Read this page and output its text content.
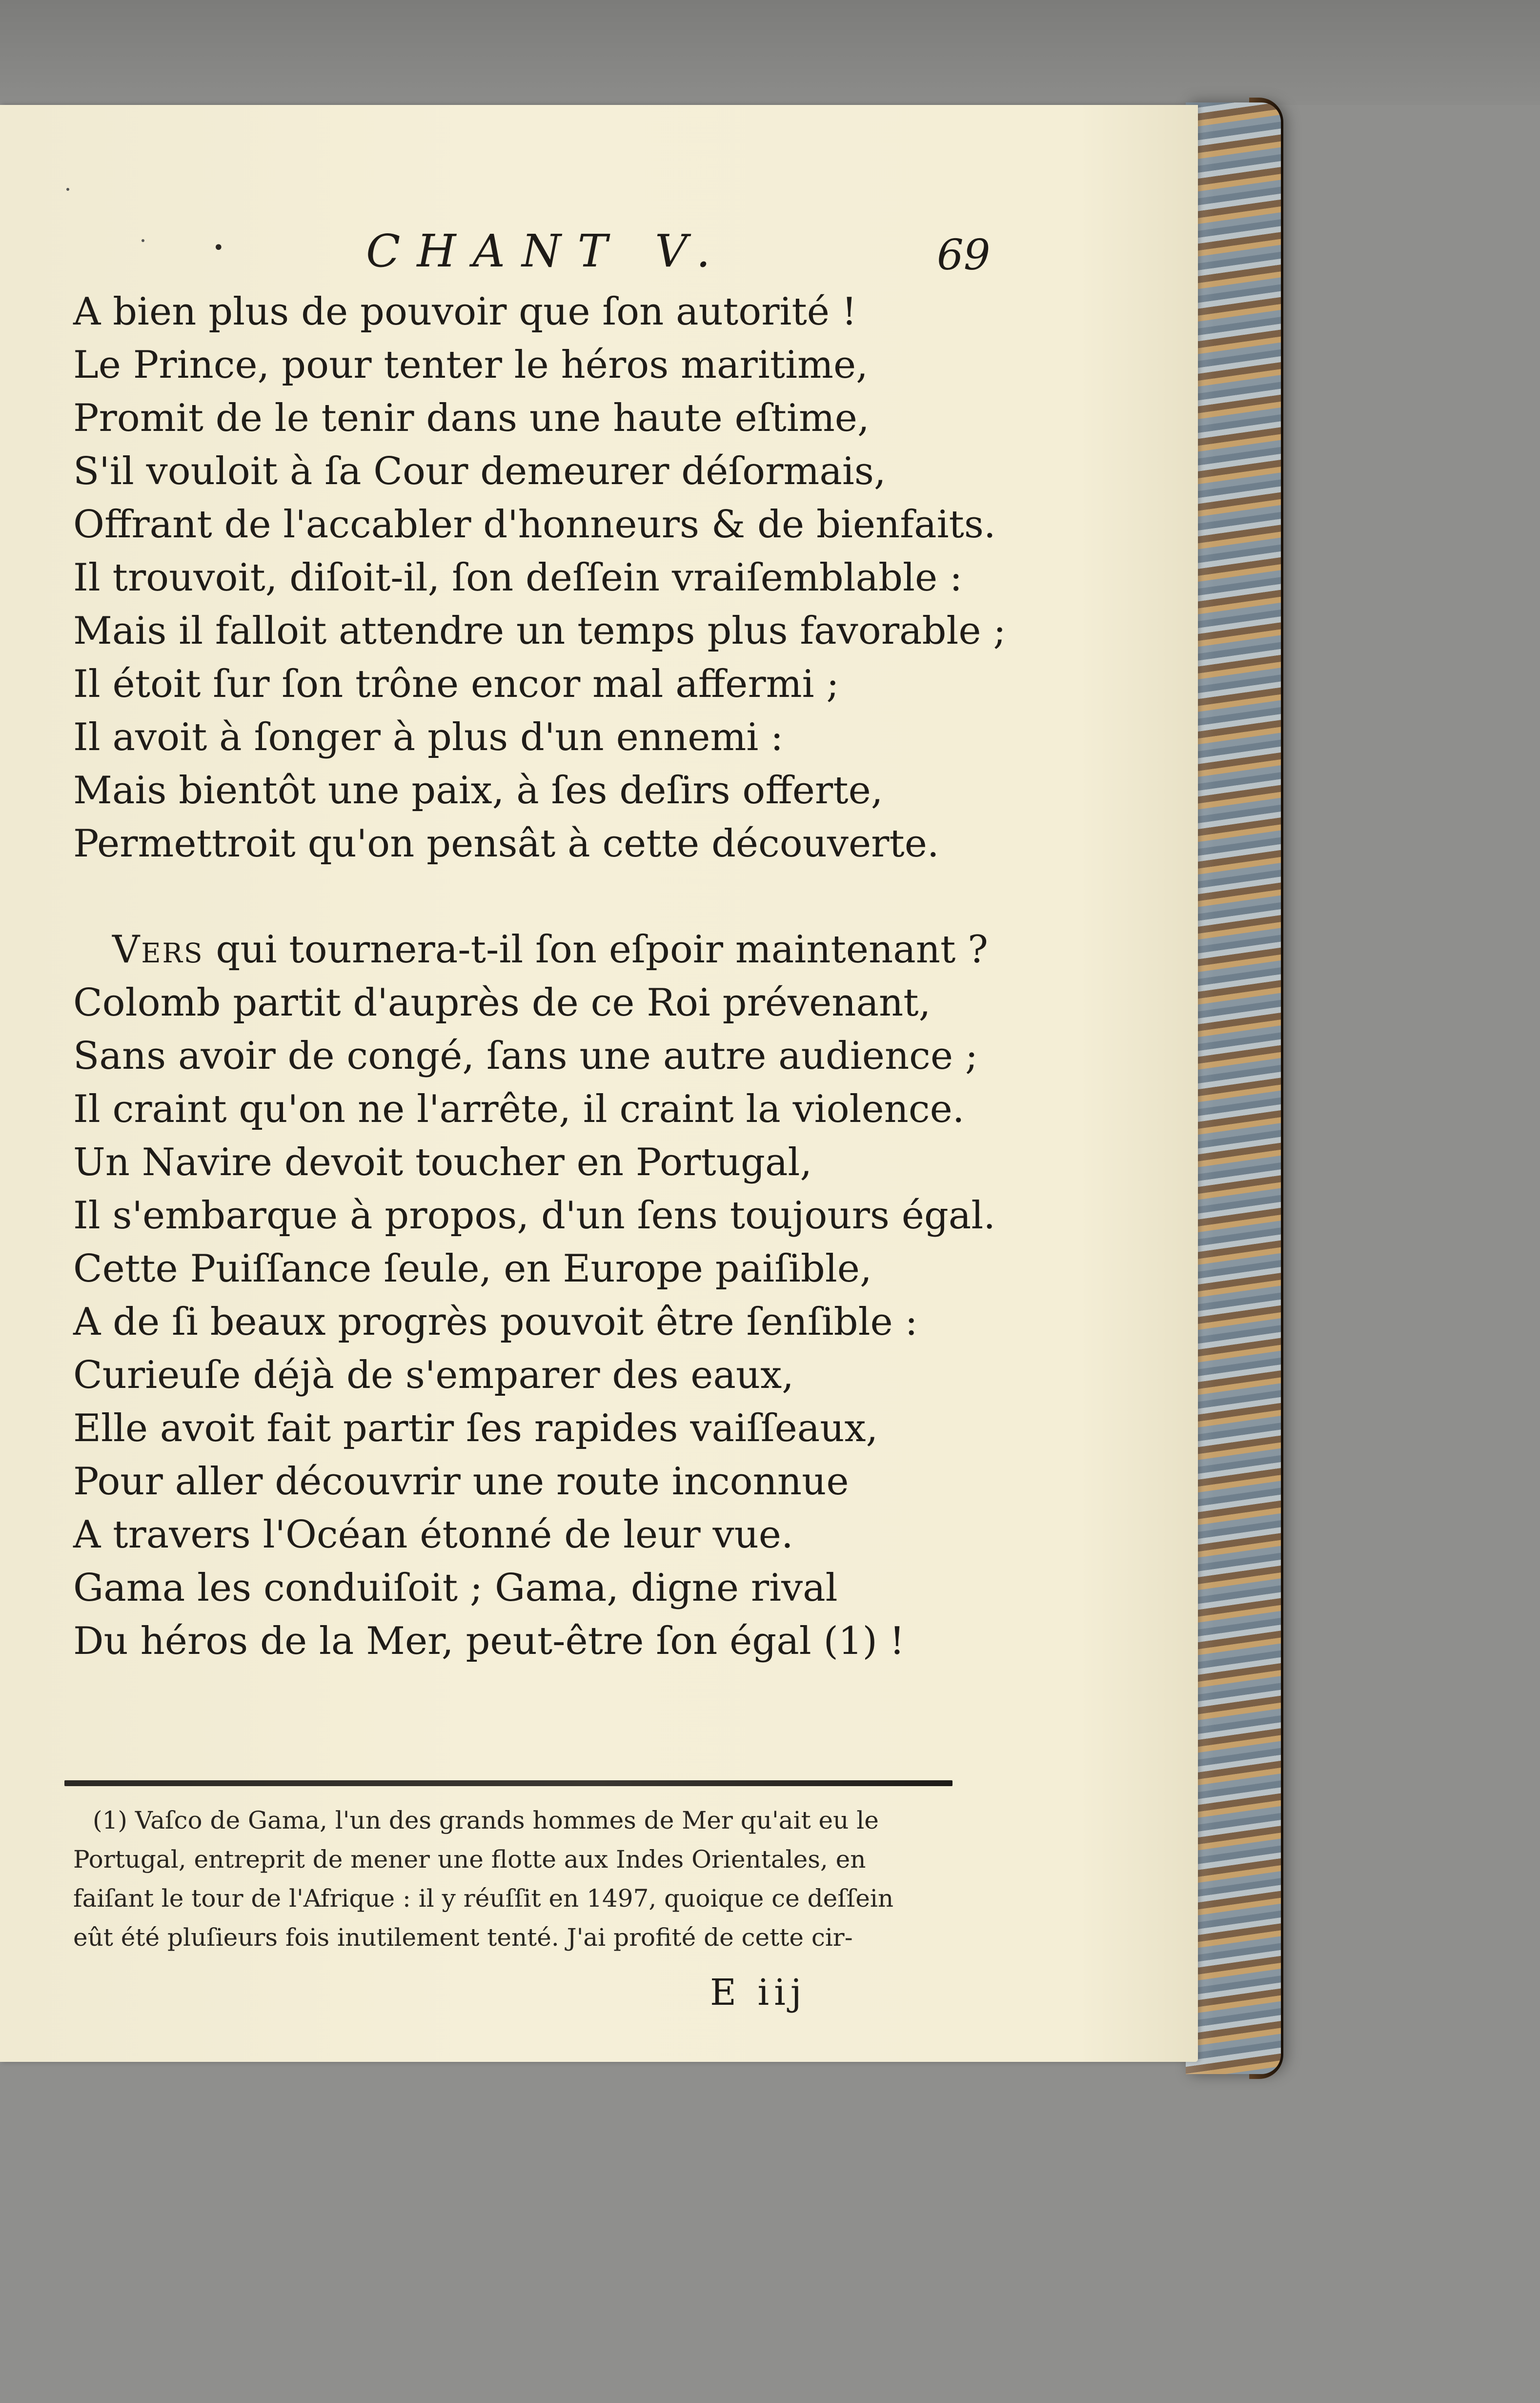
•	CHANT V.	69
A bien plus de pouvoir que ſon autorité !
Le Prince, pour tenter le héros maritime,
Promit de le tenir dans une haute eſtime,
S'il vouloit à ſa Cour demeurer déſormais,
Offrant de l'accabler d'honneurs & de bienfaits.
Il trouvoit, diſoit-il, ſon deſſein vraiſemblable :
Mais il falloit attendre un temps plus favorable ;
Il étoit ſur ſon trône encor mal affermi ;
Il avoit à ſonger à plus d'un ennemi :
Mais bientôt une paix, à ſes deſirs offerte,
Permettroit qu'on pensât à cette découverte.
Vers qui tournera-t-il ſon eſpoir maintenant ?
Colomb partit d'auprès de ce Roi prévenant,
Sans avoir de congé, ſans une autre audience ;
Il craint qu'on ne l'arrête, il craint la violence.
Un Navire devoit toucher en Portugal,
Il s'embarque à propos, d'un ſens toujours égal.
Cette Puiſſance ſeule, en Europe paiſible,
A de ſi beaux progrès pouvoit être ſenſible :
Curieuſe déjà de s'emparer des eaux,
Elle avoit fait partir ſes rapides vaiſſeaux,
Pour aller découvrir une route inconnue
A travers l'Océan étonné de leur vue.
Gama les conduiſoit ; Gama, digne rival
Du héros de la Mer, peut-être ſon égal (1) !
(1) Vaſco de Gama, l'un des grands hommes de Mer qu'ait eu le
Portugal, entreprit de mener une flotte aux Indes Orientales, en
faiſant le tour de l'Afrique : il y réuſſit en 1497, quoique ce deſſein
eût été pluſieurs fois inutilement tenté. J'ai profité de cette cir-
E iij
